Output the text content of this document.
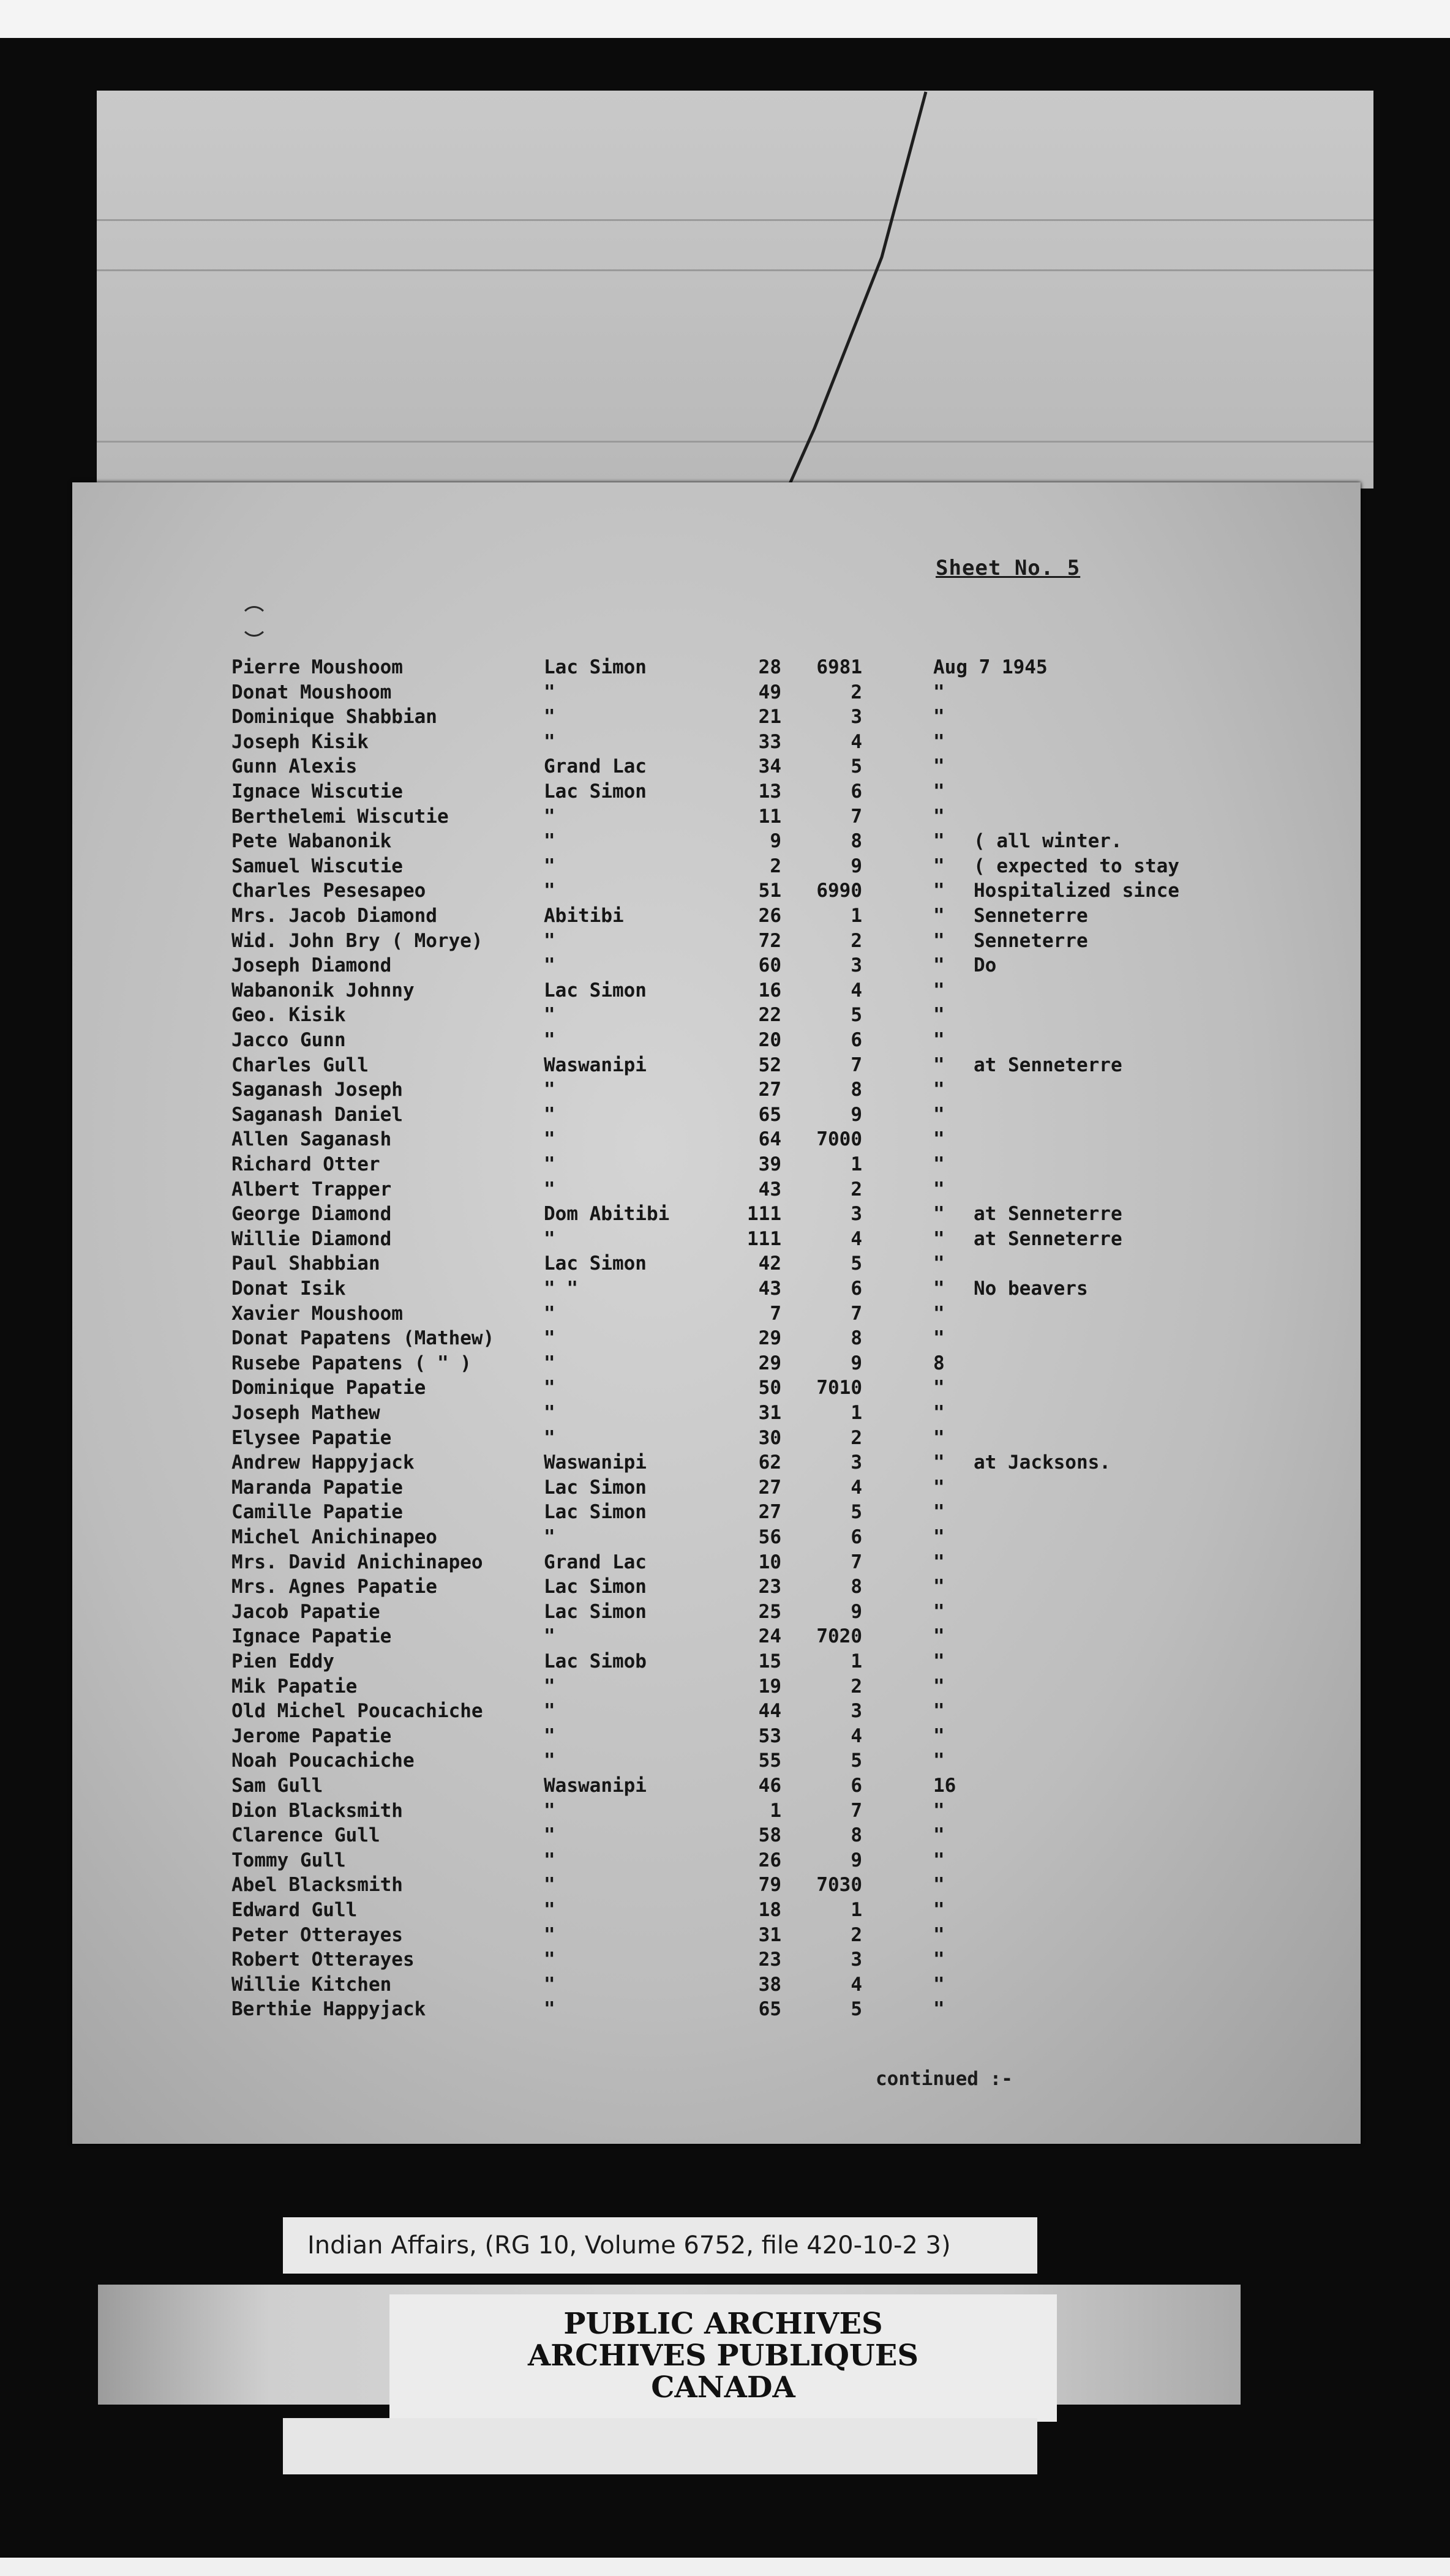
Sheet No. 5
Pierre Moushoom	Lac Simon	28	6981	Aug 7 1945
Donat Moushoom	"	49	2	"
Dominique Shabbian	"	21	3	"
Joseph Kisik	"	33	4	"
Gunn Alexis	Grand Lac	34	5	"
Ignace Wiscutie	Lac Simon	13	6	"
Berthelemi Wiscutie	"	11	7	"
Pete Wabanonik	"	9	8	" ( all winter.
Samuel Wiscutie	"	2	9	" ( expected to stay
Charles Pesesapeo	"	51	6990	" Hospitalized since
Mrs. Jacob Diamond	Abitibi	26	1	" Senneterre
Wid. John Bry ( Morye)	"	72	2	" Senneterre
Joseph Diamond	"	60	3	" Do
Wabanonik Johnny	Lac Simon	16	4	"
Geo. Kisik	"	22	5	"
Jacco Gunn	"	20	6	"
Charles Gull	Waswanipi	52	7	" at Senneterre
Saganash Joseph	"	27	8	"
Saganash Daniel	"	65	9	"
Allen Saganash	"	64	7000	"
Richard Otter	"	39	1	"
Albert Trapper	"	43	2	"
George Diamond	Dom Abitibi	111	3	" at Senneterre
Willie Diamond	"	111	4	" at Senneterre
Paul Shabbian	Lac Simon	42	5	"
Donat Isik	" "	43	6	" No beavers
Xavier Moushoom	"	7	7	"
Donat Papatens (Mathew)	"	29	8	"
Rusebe Papatens ( " )	"	29	9	8
Dominique Papatie	"	50	7010	"
Joseph Mathew	"	31	1	"
Elysee Papatie	"	30	2	"
Andrew Happyjack	Waswanipi	62	3	" at Jacksons.
Maranda Papatie	Lac Simon	27	4	"
Camille Papatie	Lac Simon	27	5	"
Michel Anichinapeo	"	56	6	"
Mrs. David Anichinapeo	Grand Lac	10	7	"
Mrs. Agnes Papatie	Lac Simon	23	8	"
Jacob Papatie	Lac Simon	25	9	"
Ignace Papatie	"	24	7020	"
Pien Eddy	Lac Simob	15	1	"
Mik Papatie	"	19	2	"
Old Michel Poucachiche	"	44	3	"
Jerome Papatie	"	53	4	"
Noah Poucachiche	"	55	5	"
Sam Gull	Waswanipi	46	6	16
Dion Blacksmith	"	1	7	"
Clarence Gull	"	58	8	"
Tommy Gull	"	26	9	"
Abel Blacksmith	"	79	7030	"
Edward Gull	"	18	1	"
Peter Otterayes	"	31	2	"
Robert Otterayes	"	23	3	"
Willie Kitchen	"	38	4	"
Berthie Happyjack	"	65	5	"
continued :-
Indian Affairs, (RG 10, Volume 6752, file 420-10-2 3)
PUBLIC ARCHIVES
ARCHIVES PUBLIQUES
CANADA
